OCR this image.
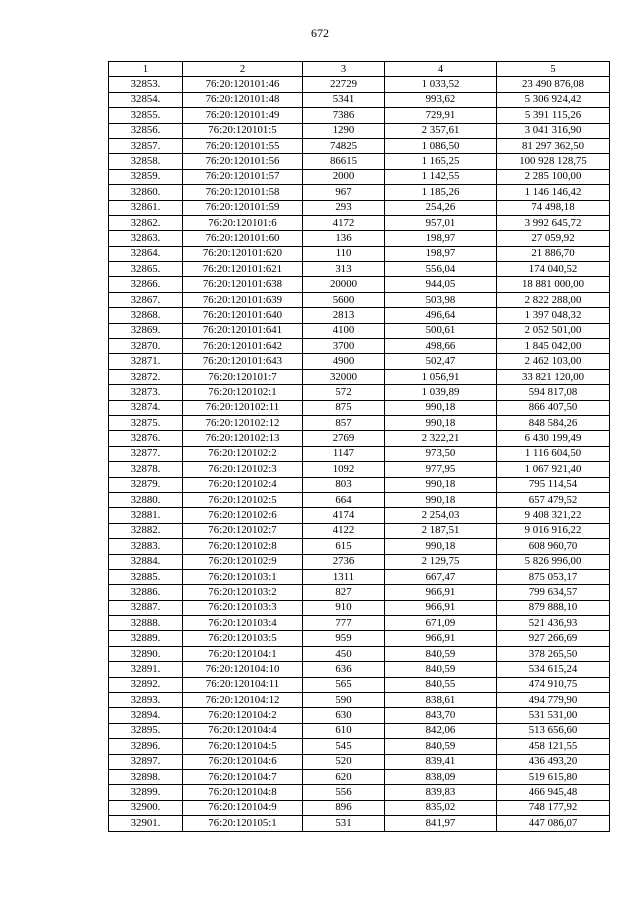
672
1	2	3	4	5
32853.	76:20:120101:46	22729	1 033,52	23 490 876,08
32854.	76:20:120101:48	5341	993,62	5 306 924,42
32855.	76:20:120101:49	7386	729,91	5 391 115,26
32856.	76:20:120101:5	1290	2 357,61	3 041 316,90
32857.	76:20:120101:55	74825	1 086,50	81 297 362,50
32858.	76:20:120101:56	86615	1 165,25	100 928 128,75
32859.	76:20:120101:57	2000	1 142,55	2 285 100,00
32860.	76:20:120101:58	967	1 185,26	1 146 146,42
32861.	76:20:120101:59	293	254,26	74 498,18
32862.	76:20:120101:6	4172	957,01	3 992 645,72
32863.	76:20:120101:60	136	198,97	27 059,92
32864.	76:20:120101:620	110	198,97	21 886,70
32865.	76:20:120101:621	313	556,04	174 040,52
32866.	76:20:120101:638	20000	944,05	18 881 000,00
32867.	76:20:120101:639	5600	503,98	2 822 288,00
32868.	76:20:120101:640	2813	496,64	1 397 048,32
32869.	76:20:120101:641	4100	500,61	2 052 501,00
32870.	76:20:120101:642	3700	498,66	1 845 042,00
32871.	76:20:120101:643	4900	502,47	2 462 103,00
32872.	76:20:120101:7	32000	1 056,91	33 821 120,00
32873.	76:20:120102:1	572	1 039,89	594 817,08
32874.	76:20:120102:11	875	990,18	866 407,50
32875.	76:20:120102:12	857	990,18	848 584,26
32876.	76:20:120102:13	2769	2 322,21	6 430 199,49
32877.	76:20:120102:2	1147	973,50	1 116 604,50
32878.	76:20:120102:3	1092	977,95	1 067 921,40
32879.	76:20:120102:4	803	990,18	795 114,54
32880.	76:20:120102:5	664	990,18	657 479,52
32881.	76:20:120102:6	4174	2 254,03	9 408 321,22
32882.	76:20:120102:7	4122	2 187,51	9 016 916,22
32883.	76:20:120102:8	615	990,18	608 960,70
32884.	76:20:120102:9	2736	2 129,75	5 826 996,00
32885.	76:20:120103:1	1311	667,47	875 053,17
32886.	76:20:120103:2	827	966,91	799 634,57
32887.	76:20:120103:3	910	966,91	879 888,10
32888.	76:20:120103:4	777	671,09	521 436,93
32889.	76:20:120103:5	959	966,91	927 266,69
32890.	76:20:120104:1	450	840,59	378 265,50
32891.	76:20:120104:10	636	840,59	534 615,24
32892.	76:20:120104:11	565	840,55	474 910,75
32893.	76:20:120104:12	590	838,61	494 779,90
32894.	76:20:120104:2	630	843,70	531 531,00
32895.	76:20:120104:4	610	842,06	513 656,60
32896.	76:20:120104:5	545	840,59	458 121,55
32897.	76:20:120104:6	520	839,41	436 493,20
32898.	76:20:120104:7	620	838,09	519 615,80
32899.	76:20:120104:8	556	839,83	466 945,48
32900.	76:20:120104:9	896	835,02	748 177,92
32901.	76:20:120105:1	531	841,97	447 086,07
